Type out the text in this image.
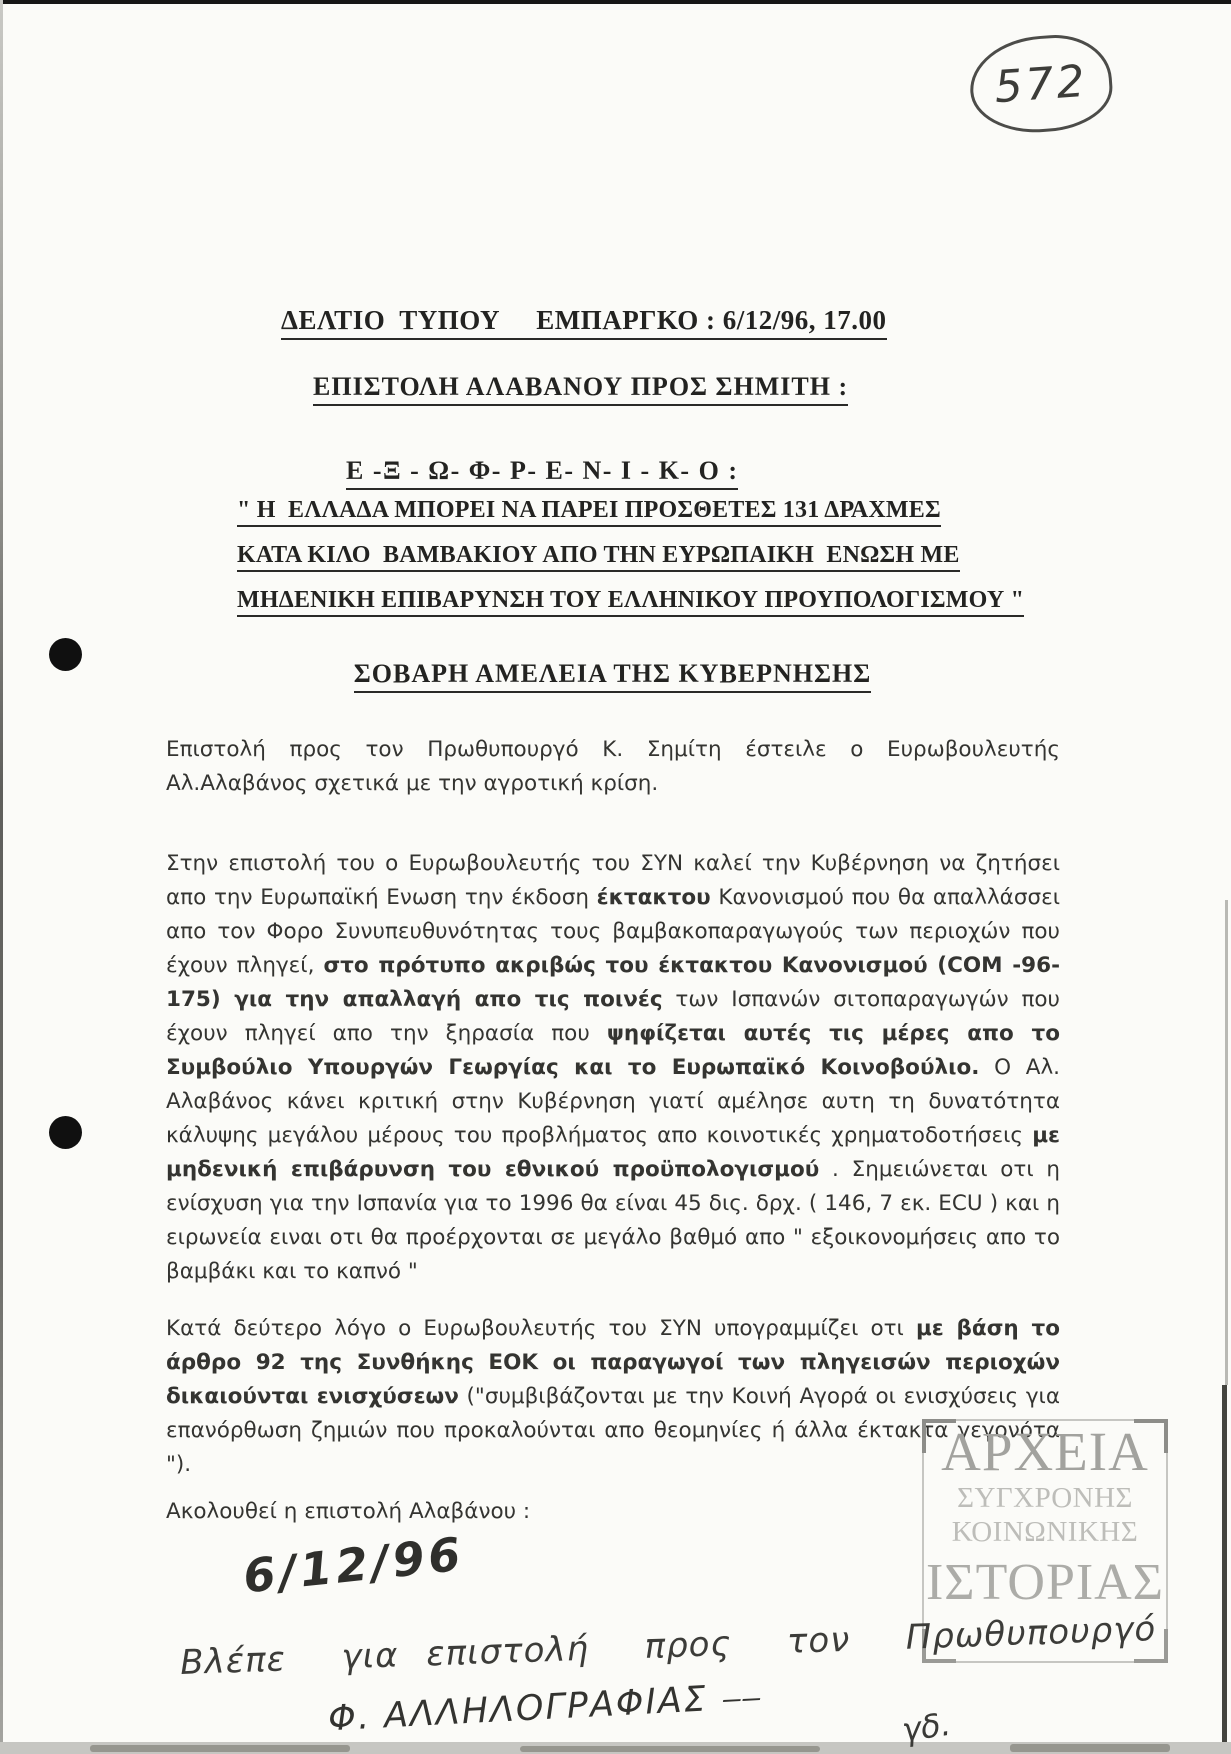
572
ΑΡΧΕΙΑ
ΣΥΓΧΡΟΝΗΣ
ΚΟΙΝΩΝΙΚΗΣ
ΙΣΤΟΡΙΑΣ

ΔΕΛΤΙΟ  ΤΥΠΟΥ     ΕΜΠΑΡΓΚΟ : 6/12/96, 17.00

ΕΠΙΣΤΟΛΗ ΑΛΑΒΑΝΟΥ ΠΡΟΣ ΣΗΜΙΤΗ :

Ε -Ξ - Ω- Φ- Ρ- Ε- Ν- Ι - Κ- Ο :

" Η  ΕΛΛΑΔΑ ΜΠΟΡΕΙ ΝΑ ΠΑΡΕΙ ΠΡΟΣΘΕΤΕΣ 131 ΔΡΑΧΜΕΣ
ΚΑΤΑ ΚΙΛΟ  ΒΑΜΒΑΚΙΟΥ ΑΠΟ ΤΗΝ ΕΥΡΩΠΑΙΚΗ  ΕΝΩΣΗ ΜΕ
ΜΗΔΕΝΙΚΗ ΕΠΙΒΑΡΥΝΣΗ ΤΟΥ ΕΛΛΗΝΙΚΟΥ ΠΡΟΥΠΟΛΟΓΙΣΜΟΥ "
ΣΟΒΑΡΗ ΑΜΕΛΕΙΑ ΤΗΣ ΚΥΒΕΡΝΗΣΗΣ
Επιστολή προς τον Πρωθυπουργό Κ. Σημίτη έστειλε ο Ευρωβουλευτής Αλ.Αλαβάνος σχετικά με την αγροτική κρίση.
Στην επιστολή του ο Ευρωβουλευτής του ΣΥΝ καλεί την Κυβέρνηση να ζητήσει απο την Ευρωπαϊκή Ενωση την έκδοση έκτακτου Κανονισμού που θα απαλλάσσει απο τον Φορο Συνυπευθυνότητας τους βαμβακοπαραγωγούς των περιοχών που έχουν πληγεί, στο πρότυπο ακριβώς του έκτακτου Κανονισμού (COM -96-175) για την απαλλαγή απο τις ποινές των Ισπανών σιτοπαραγωγών που έχουν πληγεί απο την ξηρασία που ψηφίζεται αυτές τις μέρες απο το Συμβούλιο Υπουργών Γεωργίας και το Ευρωπαϊκό Κοινοβούλιο. Ο Αλ. Αλαβάνος κάνει κριτική στην Κυβέρνηση γιατί αμέλησε αυτη τη δυνατότητα κάλυψης μεγάλου μέρους του προβλήματος απο κοινοτικές χρηματοδοτήσεις με μηδενική επιβάρυνση του εθνικού προϋπολογισμού . Σημειώνεται οτι η ενίσχυση για την Ισπανία για το 1996 θα είναι 45 δις. δρχ. ( 146, 7 εκ. ECU ) και η ειρωνεία ειναι οτι θα προέρχονται σε μεγάλο βαθμό απο " εξοικονομήσεις απο το βαμβάκι και το καπνό "
Κατά δεύτερο λόγο ο Ευρωβουλευτής του ΣΥΝ υπογραμμίζει οτι με βάση το άρθρο 92 της Συνθήκης ΕΟΚ οι παραγωγοί των πληγεισών περιοχών δικαιούνται ενισχύσεων ("συμβιβάζονται με την Κοινή Αγορά οι ενισχύσεις για επανόρθωση ζημιών που προκαλούνται απο θεομηνίες ή άλλα έκτακτα γεγονότα ").
Ακολουθεί η επιστολή Αλαβάνου :
6/12/96
Βλέπε  για επιστολή  προς  τον  Πρωθυπουργό
Φ. ΑΛΛΗΛΟΓΡΑΦΙΑΣ ⎯⎯	γδ.
